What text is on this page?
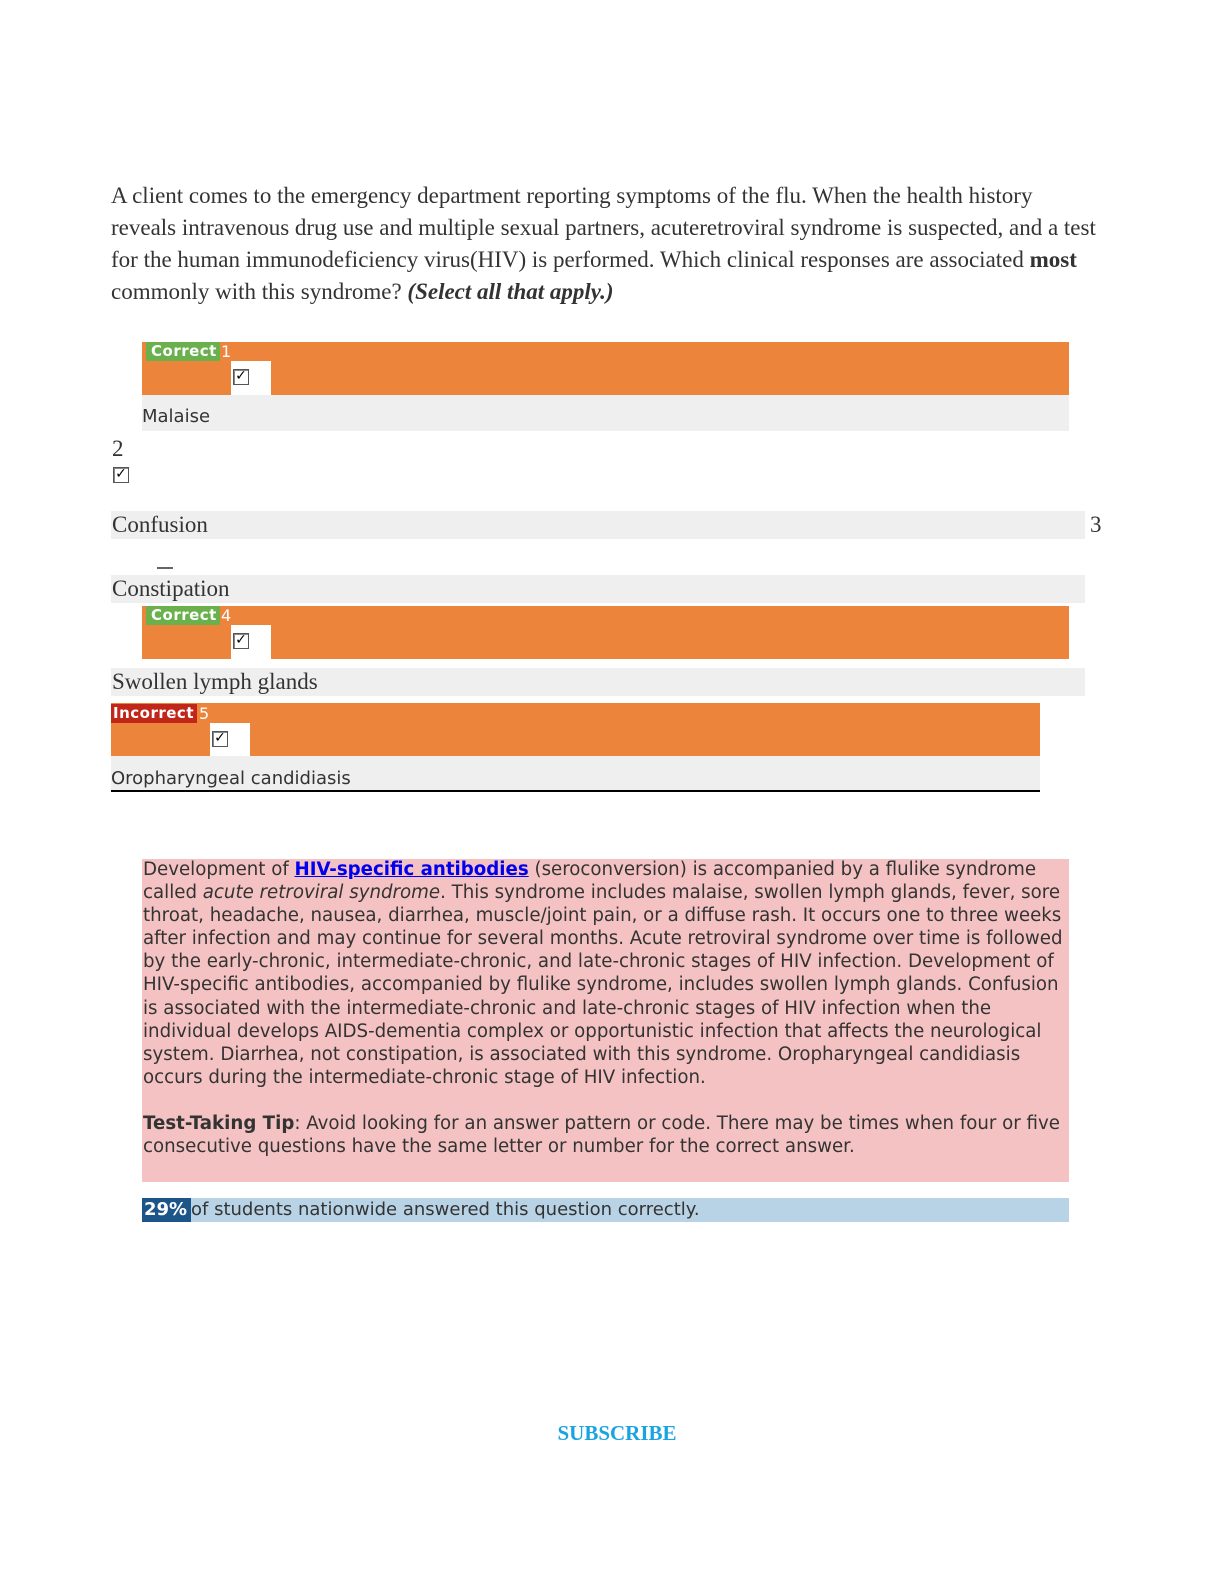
A client comes to the emergency department reporting symptoms of the flu. When the health history reveals intravenous drug use and multiple sexual partners, acuteretroviral syndrome is suspected, and a test for the human immunodeficiency virus(HIV) is performed. Which clinical responses are associated most commonly with this syndrome? (Select all that apply.)
Correct 1
✓
Malaise
2
✓
Confusion	3
Constipation
Correct 4
✓
Swollen lymph glands
Incorrect 5
✓
Oropharyngeal candidiasis
Development of HIV-specific antibodies (seroconversion) is accompanied by a flulike syndrome called acute retroviral syndrome. This syndrome includes malaise, swollen lymph glands, fever, sore throat, headache, nausea, diarrhea, muscle/joint pain, or a diffuse rash. It occurs one to three weeks after infection and may continue for several months. Acute retroviral syndrome over time is followed by the early-chronic, intermediate-chronic, and late-chronic stages of HIV infection. Development of HIV-specific antibodies, accompanied by flulike syndrome, includes swollen lymph glands. Confusion is associated with the intermediate-chronic and late-chronic stages of HIV infection when the individual develops AIDS-dementia complex or opportunistic infection that affects the neurological system. Diarrhea, not constipation, is associated with this syndrome. Oropharyngeal candidiasis occurs during the intermediate-chronic stage of HIV infection.
Test-Taking Tip: Avoid looking for an answer pattern or code. There may be times when four or five consecutive questions have the same letter or number for the correct answer.
29% of students nationwide answered this question correctly.
SUBSCRIBE
